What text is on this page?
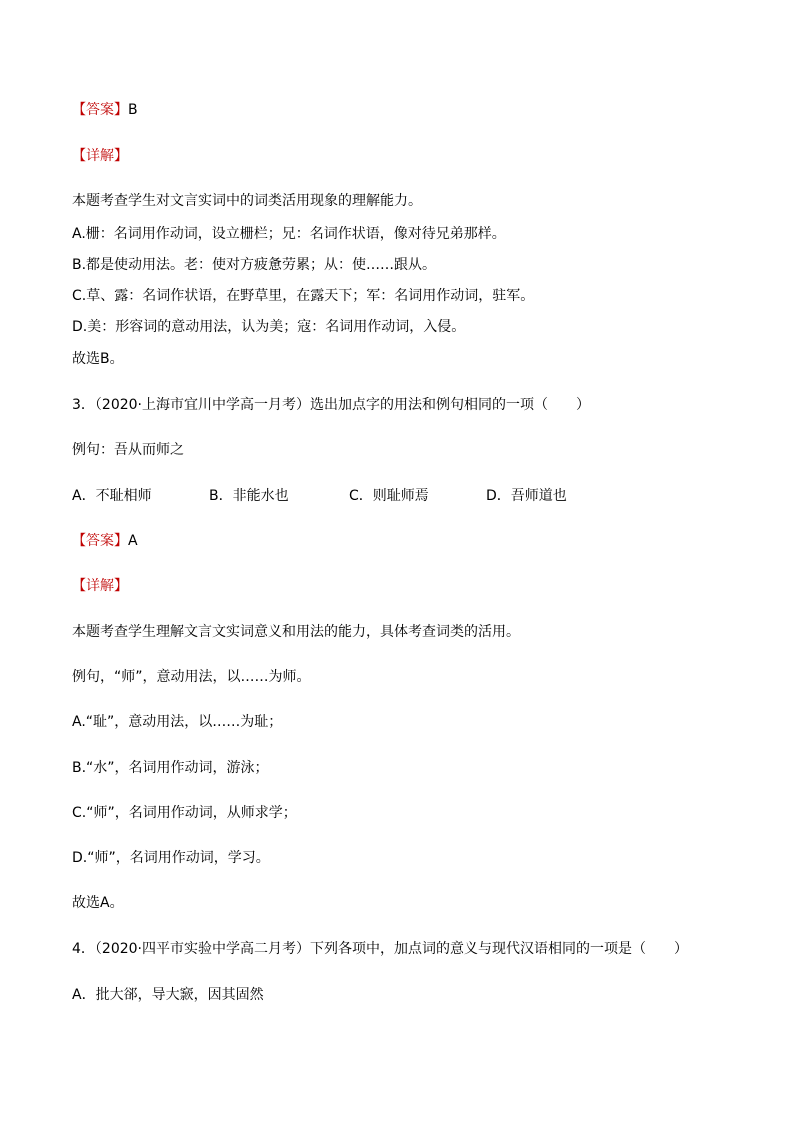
【答案】B
【详解】
本题考查学生对文言实词中的词类活用现象的理解能力。
A.栅：名词用作动词，设立栅栏；兄：名词作状语，像对待兄弟那样。
B.都是使动用法。老：使对方疲惫劳累；从：使……跟从。
C.草、露：名词作状语，在野草里，在露天下；军：名词用作动词，驻军。
D.美：形容词的意动用法，认为美；寇：名词用作动词，入侵。
故选B。
3．（2020·上海市宜川中学高一月考）选出加点字的用法和例句相同的一项（　　）
例句：吾从而师之
A．不耻相师	B．非能水也	C．则耻师焉	D．吾师道也
【答案】A
【详解】
本题考查学生理解文言文实词意义和用法的能力，具体考查词类的活用。
例句，“师”，意动用法，以……为师。
A.“耻”，意动用法，以……为耻；
B.“水”，名词用作动词，游泳；
C.“师”，名词用作动词，从师求学；
D.“师”，名词用作动词，学习。
故选A。
4．（2020·四平市实验中学高二月考）下列各项中，加点词的意义与现代汉语相同的一项是（　　）
A．批大郤，导大窾，因其固然
